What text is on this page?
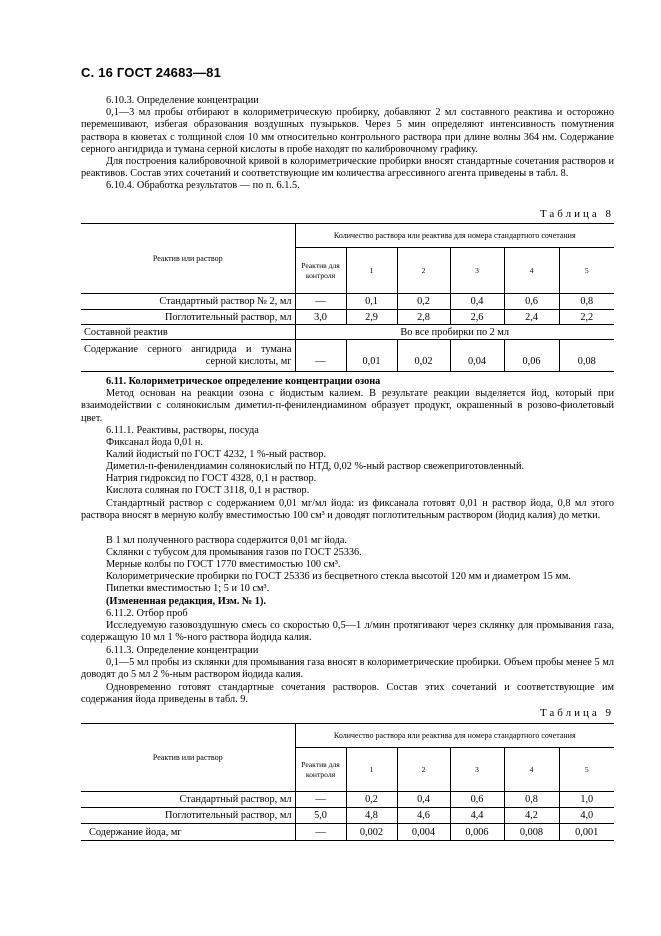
С. 16 ГОСТ 24683—81

6.10.3. Определение концентрации

0,1—3 мл пробы отбирают в колориметрическую пробирку, добавляют 2 мл составного реактива и осторожно перемешивают, избегая образования воздушных пузырьков. Через 5 мин определяют интенсивность помутнения раствора в кюветах с толщиной слоя 10 мм относительно контрольного раствора при длине волны 364 нм. Содержание серного ангидрида и тумана серной кислоты в пробе находят по калибровочному графику.

Для построения калибровочной кривой в колориметрические пробирки вносят стандартные сочетания растворов и реактивов. Состав этих сочетаний и соответствующие им количества агрессивного агента приведены в табл. 8.

6.10.4. Обработка результатов — по п. 6.1.5.

Таблица 8
Реактив или раствор	Количество раствора или реактива для номера стандартного сочетания					
	Реактив для контроля	1	2	3	4	5
Стандартный раствор № 2, мл	—	0,1	0,2	0,4	0,6	0,8
Поглотительный раствор, мл	3,0	2,9	2,8	2,6	2,4	2,2
Составной реактив	Во все пробирки по 2 мл					
Содержание серного ангидрида и тумана серной кислоты, мг	—	0,01	0,02	0,04	0,06	0,08

6.11. Колориметрическое определение концентрации озона

Метод основан на реакции озона с йодистым калием. В результате реакции выделяется йод, который при взаимодействии с солянокислым диметил-п-фенилендиамином образует продукт, окрашенный в розово-фиолетовый цвет.

6.11.1. Реактивы, растворы, посуда

Фиксанал йода 0,01 н.

Калий йодистый по ГОСТ 4232, 1 %-ный раствор.

Диметил-п-фенилендиамин солянокислый по НТД, 0,02 %-ный раствор свежеприготовленный.

Натрия гидроксид по ГОСТ 4328, 0,1 н раствор.

Кислота соляная по ГОСТ 3118, 0,1 н раствор.

Стандартный раствор с содержанием 0,01 мг/мл йода: из фиксанала готовят 0,01 н раствор йода, 0,8 мл этого раствора вносят в мерную колбу вместимостью 100 см³ и доводят поглотительным раствором (йодид калия) до метки.

В 1 мл полученного раствора содержится 0,01 мг йода.

Склянки с тубусом для промывания газов по ГОСТ 25336.

Мерные колбы по ГОСТ 1770 вместимостью 100 см³.

Колориметрические пробирки по ГОСТ 25336 из бесцветного стекла высотой 120 мм и диаметром 15 мм.

Пипетки вместимостью 1; 5 и 10 см³.

(Измененная редакция, Изм. № 1).

6.11.2. Отбор проб

Исследуемую газовоздушную смесь со скоростью 0,5—1 л/мин протягивают через склянку для промывания газа, содержащую 10 мл 1 %-ного раствора йодида калия.

6.11.3. Определение концентрации

0,1—5 мл пробы из склянки для промывания газа вносят в колориметрические пробирки. Объем пробы менее 5 мл доводят до 5 мл 2 %-ным раствором йодида калия.

Одновременно готовят стандартные сочетания растворов. Состав этих сочетаний и соответствующие им содержания йода приведены в табл. 9.

Таблица 9
Реактив или раствор	Количество раствора или реактива для номера стандартного сочетания					
	Реактив для контроля	1	2	3	4	5
Стандартный раствор, мл	—	0,2	0,4	0,6	0,8	1,0
Поглотительный раствор, мл	5,0	4,8	4,6	4,4	4,2	4,0
Содержание йода, мг	—	0,002	0,004	0,006	0,008	0,001
